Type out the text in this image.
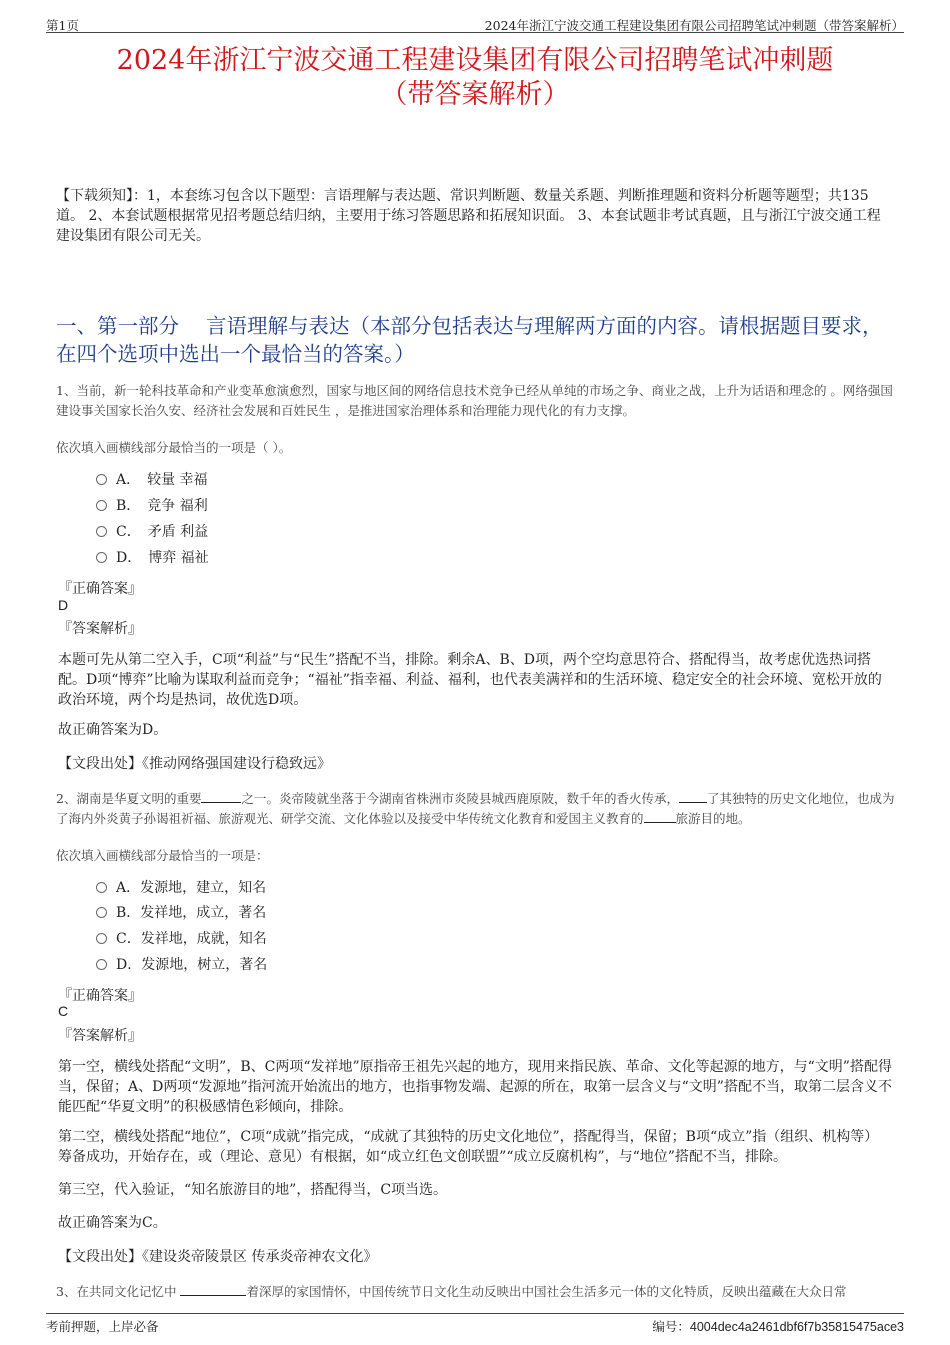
第1页	2024年浙江宁波交通工程建设集团有限公司招聘笔试冲刺题（带答案解析）
2024年浙江宁波交通工程建设集团有限公司招聘笔试冲刺题
（带答案解析）
【下载须知】：1，本套练习包含以下题型：言语理解与表达题、常识判断题、数量关系题、判断推理题和资料分析题等题型；共135道。 2、本套试题根据常见招考题总结归纳，主要用于练习答题思路和拓展知识面。 3、本套试题非考试真题，且与浙江宁波交通工程建设集团有限公司无关。
一、第一部分　 言语理解与表达（本部分包括表达与理解两方面的内容。请根据题目要求，在四个选项中选出一个最恰当的答案。）
1、当前，新一轮科技革命和产业变革愈演愈烈，国家与地区间的网络信息技术竞争已经从单纯的市场之争、商业之战，上升为话语和理念的 。网络强国建设事关国家长治久安、经济社会发展和百姓民生 ，是推进国家治理体系和治理能力现代化的有力支撑。
依次填入画横线部分最恰当的一项是（ ）。
A．　较量 幸福
B．　竞争 福利
C．　矛盾 利益
D．　博弈 福祉
『正确答案』
D
『答案解析』
本题可先从第二空入手，C项“利益”与“民生”搭配不当，排除。剩余A、B、D项，两个空均意思符合、搭配得当，故考虑优选热词搭配。D项“博弈”比喻为谋取利益而竞争；“福祉”指幸福、利益、福利，也代表美满祥和的生活环境、稳定安全的社会环境、宽松开放的政治环境，两个均是热词，故优选D项。
故正确答案为D。
【文段出处】《推动网络强国建设行稳致远》
2、湖南是华夏文明的重要	之一。炎帝陵就坐落于今湖南省株洲市炎陵县城西鹿原陂，数千年的香火传承， 了其独特的历史文化地位，也成为了海内外炎黄子孙谒祖祈福、旅游观光、研学交流、文化体验以及接受中华传统文化教育和爱国主义教育的	旅游目的地。
依次填入画横线部分最恰当的一项是：
A．发源地，建立，知名
B．发祥地，成立，著名
C．发祥地，成就，知名
D．发源地，树立，著名
『正确答案』
C
『答案解析』
第一空，横线处搭配“文明”，B、C两项“发祥地”原指帝王祖先兴起的地方，现用来指民族、革命、文化等起源的地方，与“文明”搭配得当，保留；A、D两项“发源地”指河流开始流出的地方，也指事物发端、起源的所在，取第一层含义与“文明”搭配不当，取第二层含义不能匹配“华夏文明”的积极感情色彩倾向，排除。
第二空，横线处搭配“地位”，C项“成就”指完成，“成就了其独特的历史文化地位”，搭配得当，保留；B项“成立”指（组织、机构等）筹备成功，开始存在，或（理论、意见）有根据，如“成立红色文创联盟”“成立反腐机构”，与“地位”搭配不当，排除。
第三空，代入验证，“知名旅游目的地”，搭配得当，C项当选。
故正确答案为C。
【文段出处】《建设炎帝陵景区 传承炎帝神农文化》
3、在共同文化记忆中	着深厚的家国情怀，中国传统节日文化生动反映出中国社会生活多元一体的文化特质，反映出蕴藏在大众日常
考前押题，上岸必备	编号：4004dec4a2461dbf6f7b35815475ace3
